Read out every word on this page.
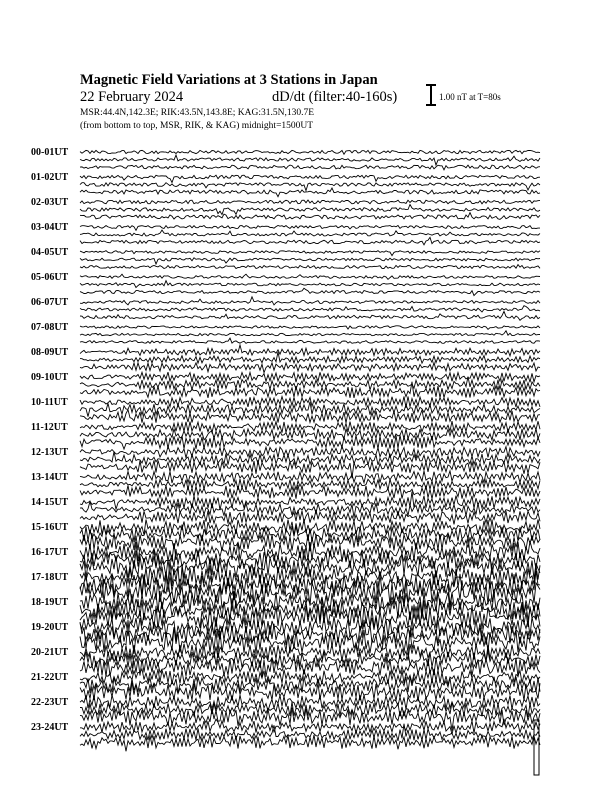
Magnetic Field Variations at 3 Stations in Japan
22 February 2024	dD/dt (filter:40-160s)
MSR:44.4N,142.3E; RIK:43.5N,143.8E; KAG:31.5N,130.7E
(from bottom to top, MSR, RIK, & KAG) midnight=1500UT
1.00 nT at T=80s
00-01UT
01-02UT
02-03UT
03-04UT
04-05UT
05-06UT
06-07UT
07-08UT
08-09UT
09-10UT
10-11UT
11-12UT
12-13UT
13-14UT
14-15UT
15-16UT
16-17UT
17-18UT
18-19UT
19-20UT
20-21UT
21-22UT
22-23UT
23-24UT
